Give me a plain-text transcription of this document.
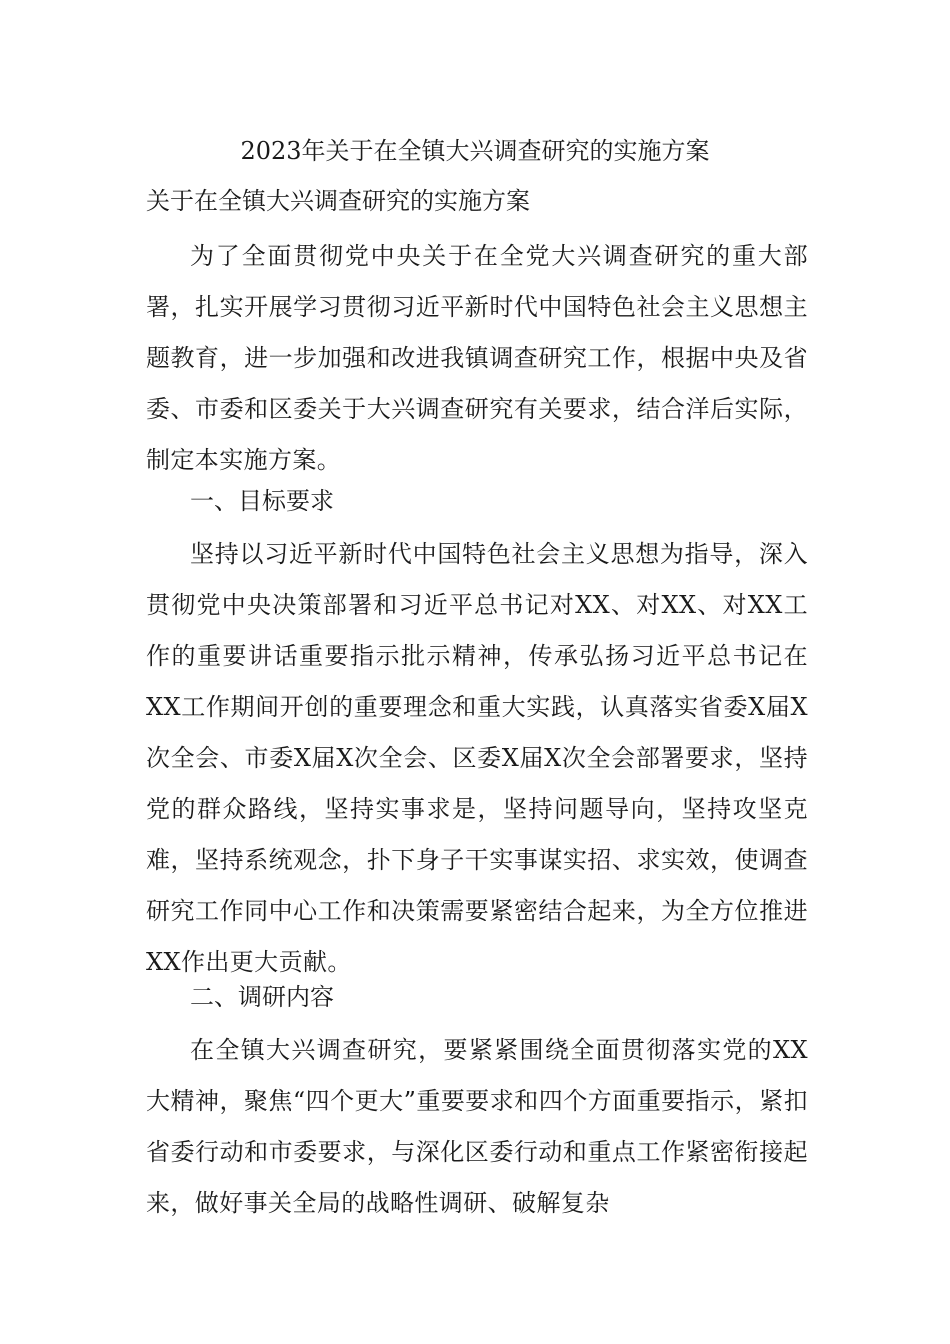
2023年关于在全镇大兴调查研究的实施方案
关于在全镇大兴调查研究的实施方案

为了全面贯彻党中央关于在全党大兴调查研究的重大部署，扎实开展学习贯彻习近平新时代中国特色社会主义思想主题教育，进一步加强和改进我镇调查研究工作，根据中央及省委、市委和区委关于大兴调查研究有关要求，结合洋后实际，制定本实施方案。

一、目标要求

坚持以习近平新时代中国特色社会主义思想为指导，深入贯彻党中央决策部署和习近平总书记对XX、对XX、对XX工作的重要讲话重要指示批示精神，传承弘扬习近平总书记在XX工作期间开创的重要理念和重大实践，认真落实省委X届X次全会、市委X届X次全会、区委X届X次全会部署要求，坚持党的群众路线，坚持实事求是，坚持问题导向，坚持攻坚克难，坚持系统观念，扑下身子干实事谋实招、求实效，使调查研究工作同中心工作和决策需要紧密结合起来，为全方位推进XX作出更大贡献。

二、调研内容

在全镇大兴调查研究，要紧紧围绕全面贯彻落实党的XX大精神，聚焦“四个更大”重要要求和四个方面重要指示，紧扣省委行动和市委要求，与深化区委行动和重点工作紧密衔接起来，做好事关全局的战略性调研、破解复杂
